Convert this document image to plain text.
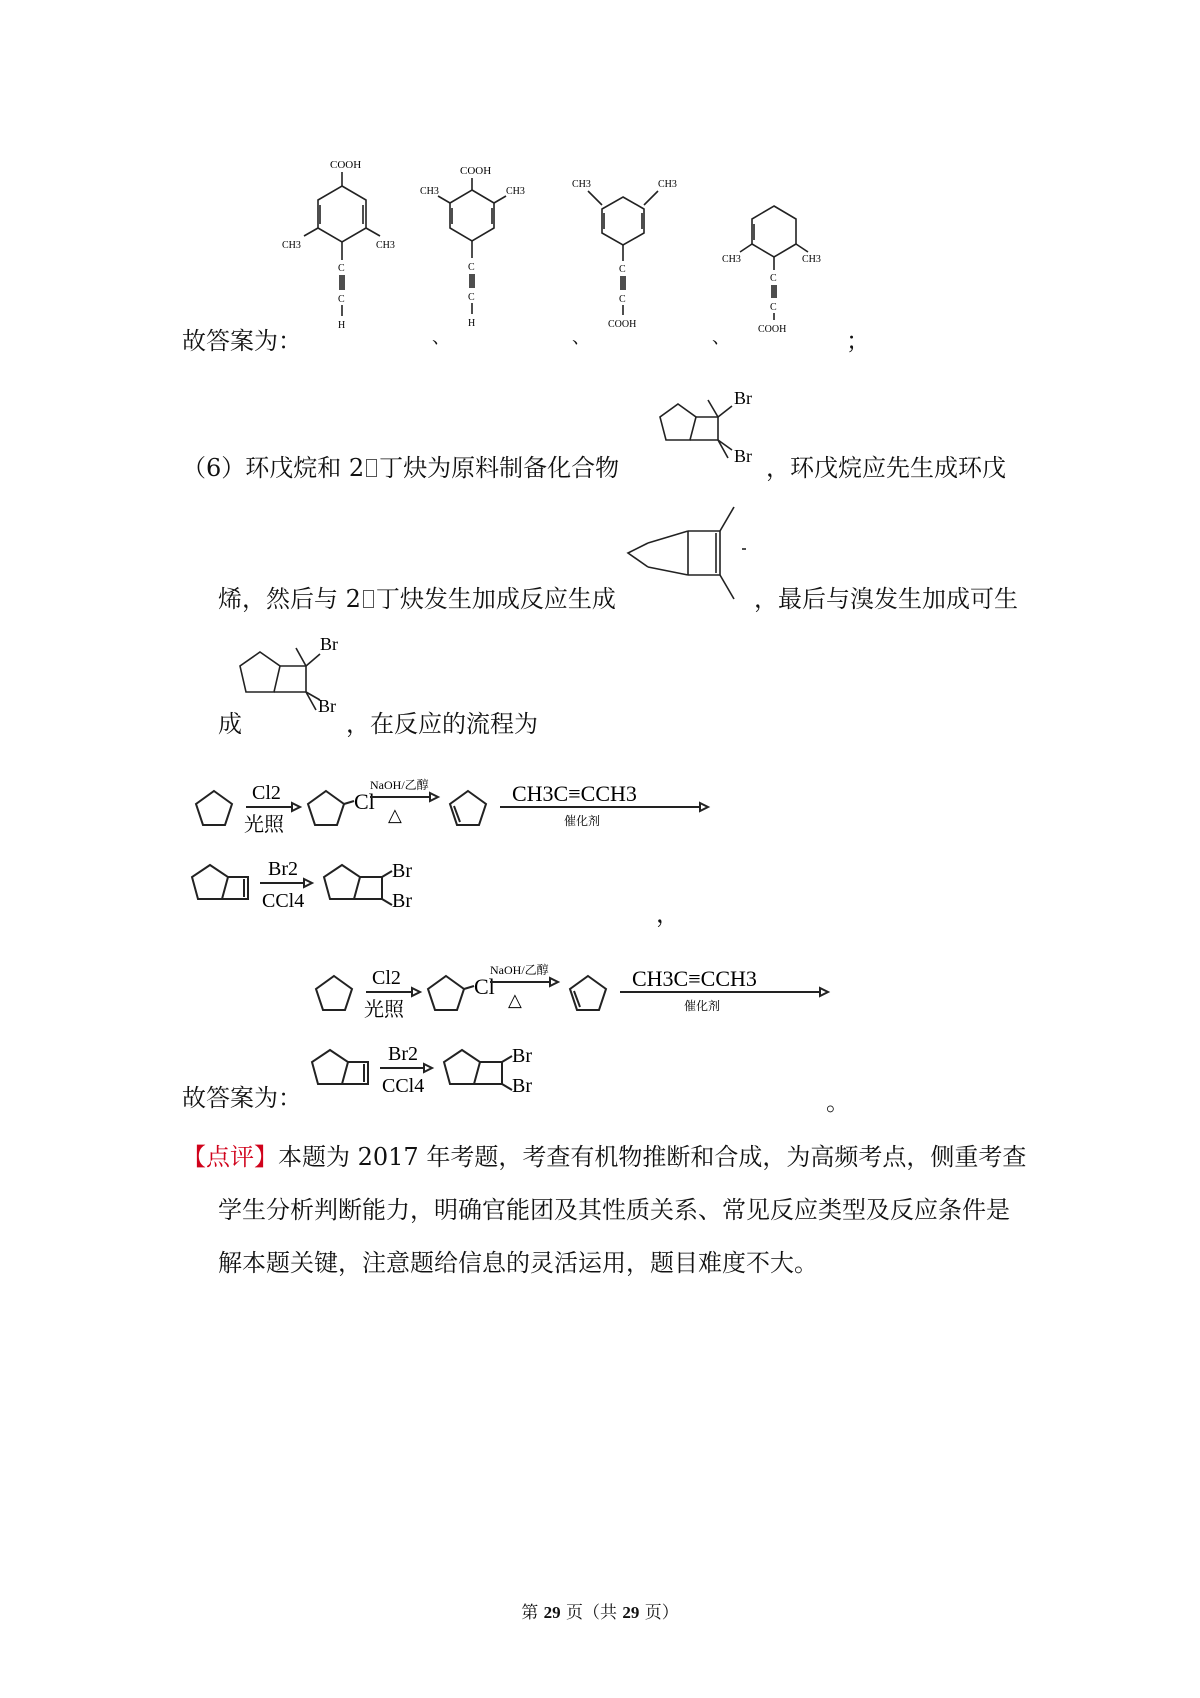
COOH
CH3	CH3
C
C
H
COOH
CH3	CH3
C
C
H
CH3	CH3
C
C
COOH
CH3	CH3
C
C
COOH
故答案为：	、	、	、	；
（6）环戊烷和 2 丁炔为原料制备化合物
Br
Br ，环戊烷应先生成环戊
烯，然后与 2 丁炔发生加成反应生成	，最后与溴发生加成可生
Br
Br
成	，在反应的流程为
Cl2
光照
Cl
NaOH/乙醇
△
CH3C≡CCH3
催化剂
Br2
CCl4
Br
Br	，
Cl2
光照
Cl
NaOH/乙醇
△
CH3C≡CCH3
催化剂
Br2
CCl4
Br
Br
故答案为：	。
【点评】本题为 2017 年考题，考查有机物推断和合成，为高频考点，侧重考查
学生分析判断能力，明确官能团及其性质关系、常见反应类型及反应条件是
解本题关键，注意题给信息的灵活运用，题目难度不大。
第 29 页（共 29 页）
